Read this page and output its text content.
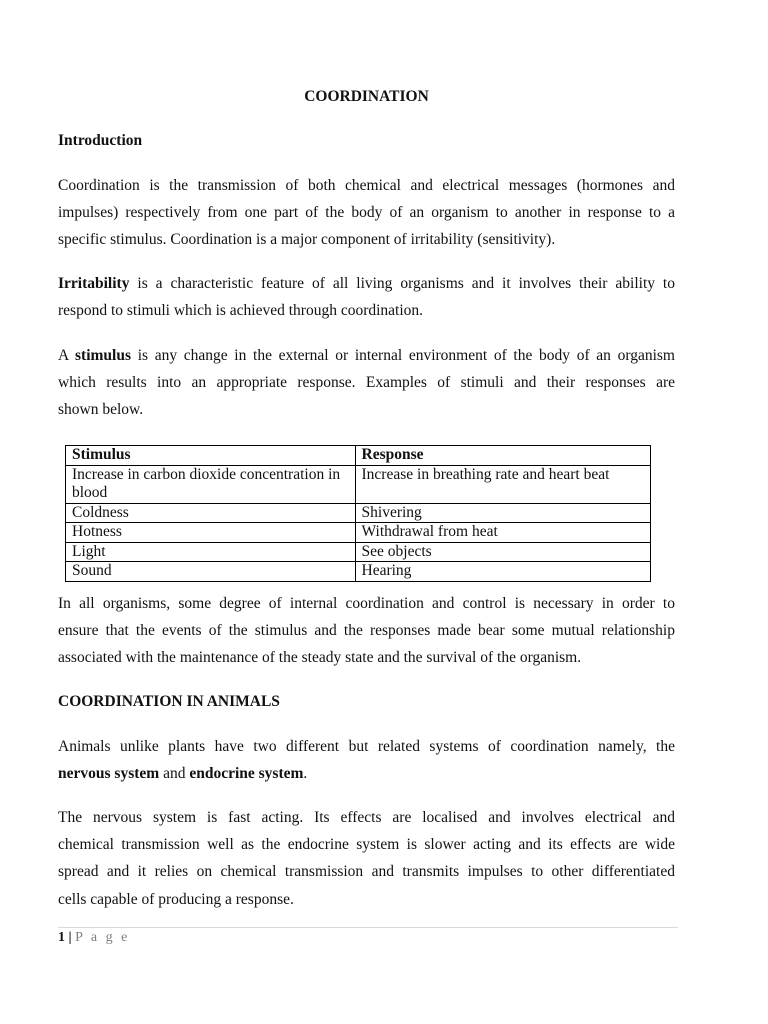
COORDINATION
Introduction
Coordination is the transmission of both chemical and electrical messages (hormones and
impulses) respectively from one part of the body of an organism to another in response to a
specific stimulus. Coordination is a major component of irritability (sensitivity).
Irritability is a characteristic feature of all living organisms and it involves their ability to
respond to stimuli which is achieved through coordination.
A stimulus is any change in the external or internal environment of the body of an organism
which results into an appropriate response. Examples of stimuli and their responses are
shown below.
Stimulus	Response
Increase in carbon dioxide concentration in blood	Increase in breathing rate and heart beat
Coldness	Shivering
Hotness	Withdrawal from heat
Light	See objects
Sound	Hearing
In all organisms, some degree of internal coordination and control is necessary in order to
ensure that the events of the stimulus and the responses made bear some mutual relationship
associated with the maintenance of the steady state and the survival of the organism.
COORDINATION IN ANIMALS
Animals unlike plants have two different but related systems of coordination namely, the
nervous system and endocrine system.
The nervous system is fast acting. Its effects are localised and involves electrical and
chemical transmission well as the endocrine system is slower acting and its effects are wide
spread and it relies on chemical transmission and transmits impulses to other differentiated
cells capable of producing a response.
1 | P a g e
